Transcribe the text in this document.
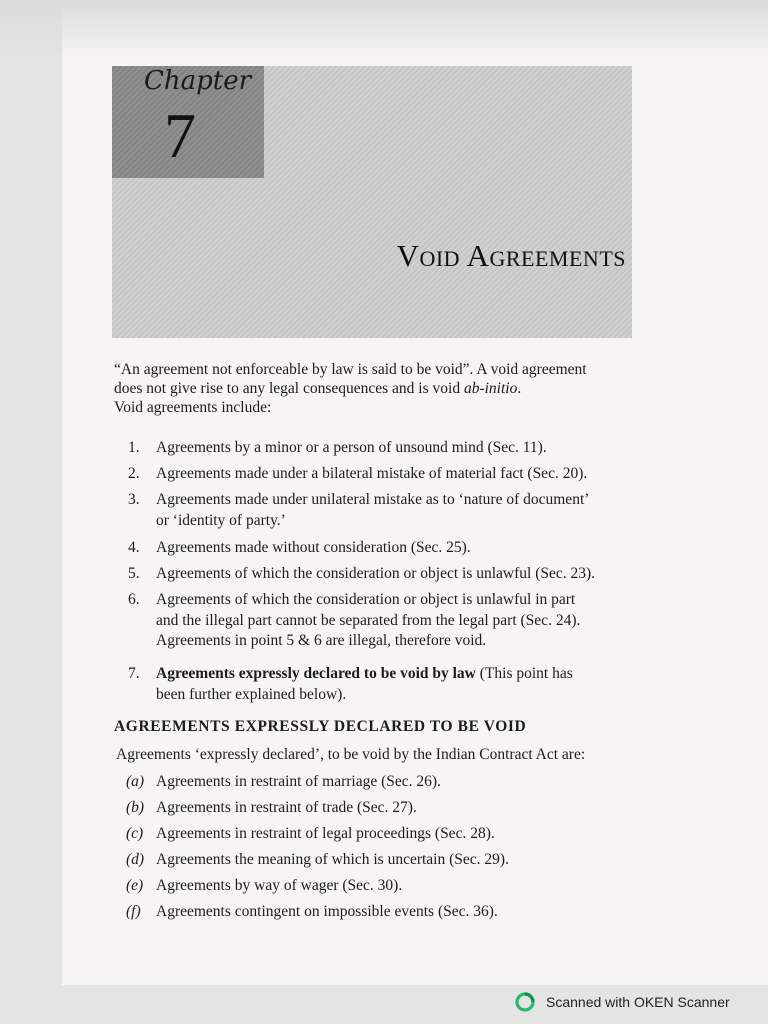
Chapter
7
Void Agreements

“An agreement not enforceable by law is said to be void”. A void agreement

does not give rise to any legal consequences and is void ab-initio.

Void agreements include:

1.	Agreements by a minor or a person of unsound mind (Sec. 11).
2.	Agreements made under a bilateral mistake of material fact (Sec. 20).
3.	Agreements made under unilateral mistake as to ‘nature of document’
or ‘identity of party.’
4.	Agreements made without consideration (Sec. 25).
5.	Agreements of which the consideration or object is unlawful (Sec. 23).
6.	Agreements of which the consideration or object is unlawful in part
and the illegal part cannot be separated from the legal part (Sec. 24).
Agreements in point 5 & 6 are illegal, therefore void.
7.	Agreements expressly declared to be void by law (This point has
been further explained below).
AGREEMENTS EXPRESSLY DECLARED TO BE VOID
Agreements ‘expressly declared’, to be void by the Indian Contract Act are:
(a) Agreements in restraint of marriage (Sec. 26).
(b) Agreements in restraint of trade (Sec. 27).
(c) Agreements in restraint of legal proceedings (Sec. 28).
(d) Agreements the meaning of which is uncertain (Sec. 29).
(e) Agreements by way of wager (Sec. 30).
(f) Agreements contingent on impossible events (Sec. 36).
Scanned with OKEN Scanner
